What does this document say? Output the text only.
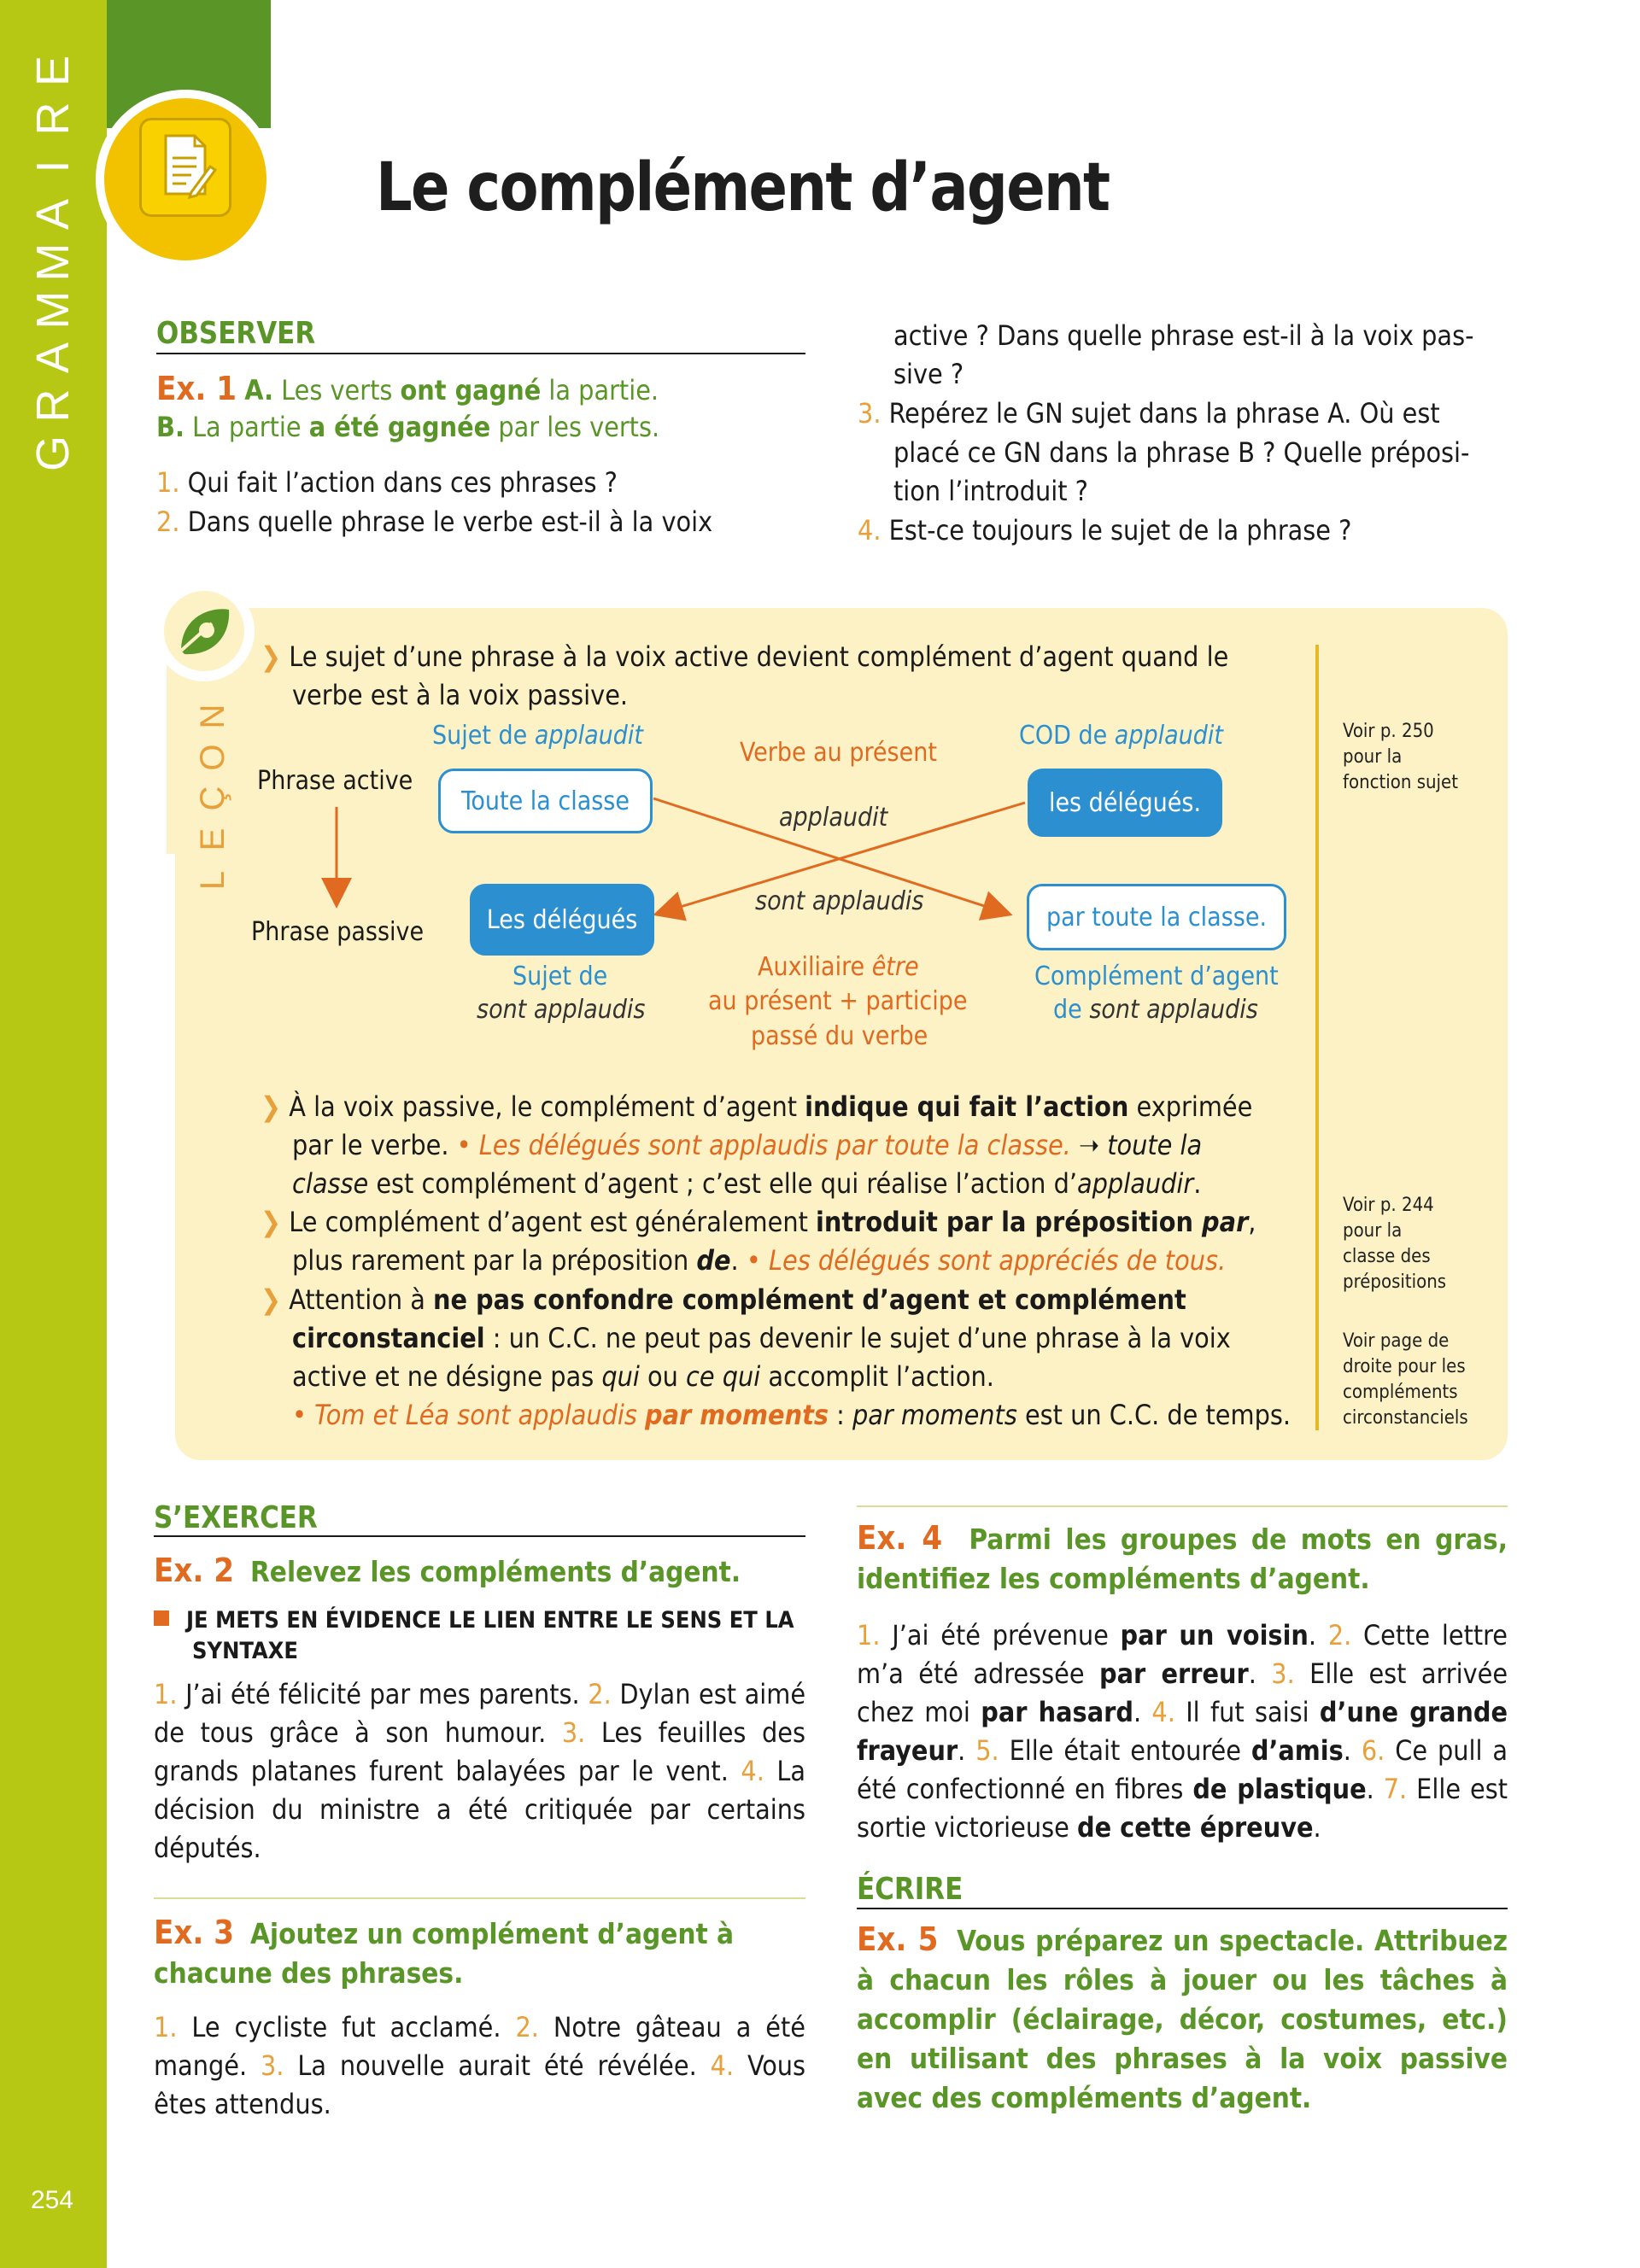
E
R
I
A
M
M
A
R
G
254
Le complément d’agent
OBSERVER
Ex. 1 A. Les verts ont gagné la partie.
B. La partie a été gagnée par les verts.
1. Qui fait l’action dans ces phrases ?
2. Dans quelle phrase le verbe est-il à la voix
active ? Dans quelle phrase est-il à la voix pas-
sive ?
3. Repérez le GN sujet dans la phrase A. Où est
placé ce GN dans la phrase B ? Quelle préposi-
tion l’introduit ?
4. Est-ce toujours le sujet de la phrase ?
N
O
Ç
E
L
❯ Le sujet d’une phrase à la voix active devient complément d’agent quand le
verbe est à la voix passive.
Sujet de applaudit
Verbe au présent
COD de applaudit
Phrase active
Toute la classe
applaudit	les délégués.
Phrase passive	Les délégués
sont applaudis
par toute la classe.
Sujet de
sont applaudis
Auxiliaire être
au présent + participe
passé du verbe
Complément d’agent
de sont applaudis
❯ À la voix passive, le complément d’agent indique qui fait l’action exprimée
par le verbe. • Les délégués sont applaudis par toute la classe. ➝ toute la
classe est complément d’agent ; c’est elle qui réalise l’action d’applaudir.
❯ Le complément d’agent est généralement introduit par la préposition par,
plus rarement par la préposition de. • Les délégués sont appréciés de tous.
❯ Attention à ne pas confondre complément d’agent et complément
circonstanciel : un C.C. ne peut pas devenir le sujet d’une phrase à la voix
active et ne désigne pas qui ou ce qui accomplit l’action.
• Tom et Léa sont applaudis par moments : par moments est un C.C. de temps.
Voir p. 250
pour la
fonction sujet
Voir p. 244
pour la
classe des
prépositions
Voir page de
droite pour les
compléments
circonstanciels
S’EXERCER
Ex. 2 Relevez les compléments d’agent.
JE METS EN ÉVIDENCE LE LIEN ENTRE LE SENS ET LA
SYNTAXE
1. J’ai été félicité par mes parents. 2. Dylan est aimé de tous grâce à son humour. 3. Les feuilles des grands platanes furent balayées par le vent. 4. La décision du ministre a été critiquée par certains députés.
Ex. 3 Ajoutez un complément d’agent à chacune des phrases.
1. Le cycliste fut acclamé. 2. Notre gâteau a été mangé. 3. La nouvelle aurait été révélée. 4. Vous êtes attendus.
Ex. 4 Parmi les groupes de mots en gras, identifiez les compléments d’agent.
1. J’ai été prévenue par un voisin. 2. Cette lettre m’a été adressée par erreur. 3. Elle est arrivée chez moi par hasard. 4. Il fut saisi d’une grande frayeur. 5. Elle était entourée d’amis. 6. Ce pull a été confectionné en fibres de plastique. 7. Elle est sortie victorieuse de cette épreuve.
ÉCRIRE
Ex. 5 Vous préparez un spectacle. Attribuez à chacun les rôles à jouer ou les tâches à accomplir (éclairage, décor, costumes, etc.) en utilisant des phrases à la voix passive avec des compléments d’agent.
